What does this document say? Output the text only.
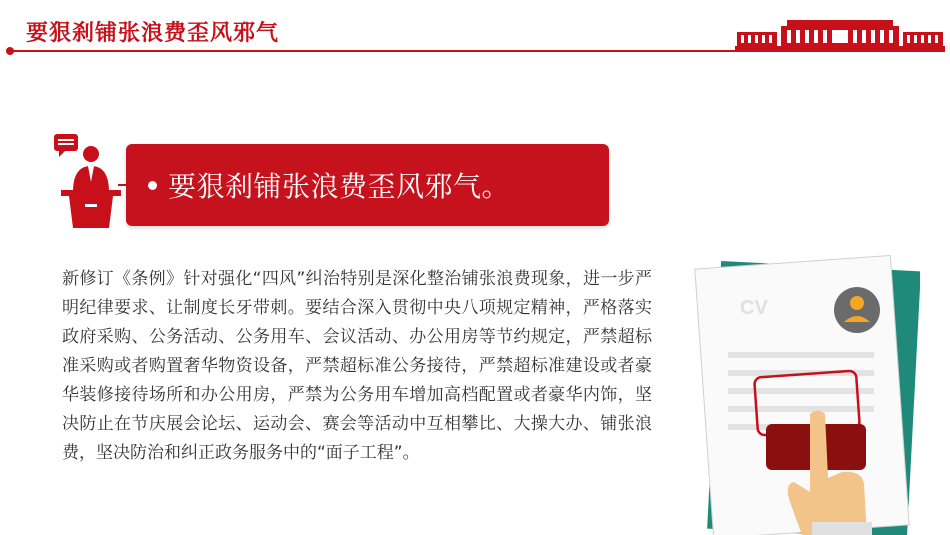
要狠刹铺张浪费歪风邪气
要狠刹铺张浪费歪风邪气。
新修订《条例》针对强化“四风”纠治特别是深化整治铺张浪费现象，进一步严明纪律要求、让制度长牙带刺。要结合深入贯彻中央八项规定精神，严格落实政府采购、公务活动、公务用车、会议活动、办公用房等节约规定，严禁超标准采购或者购置奢华物资设备，严禁超标准公务接待，严禁超标准建设或者豪华装修接待场所和办公用房，严禁为公务用车增加高档配置或者豪华内饰，坚决防止在节庆展会论坛、运动会、赛会等活动中互相攀比、大操大办、铺张浪费，坚决防治和纠正政务服务中的“面子工程”。
CV
